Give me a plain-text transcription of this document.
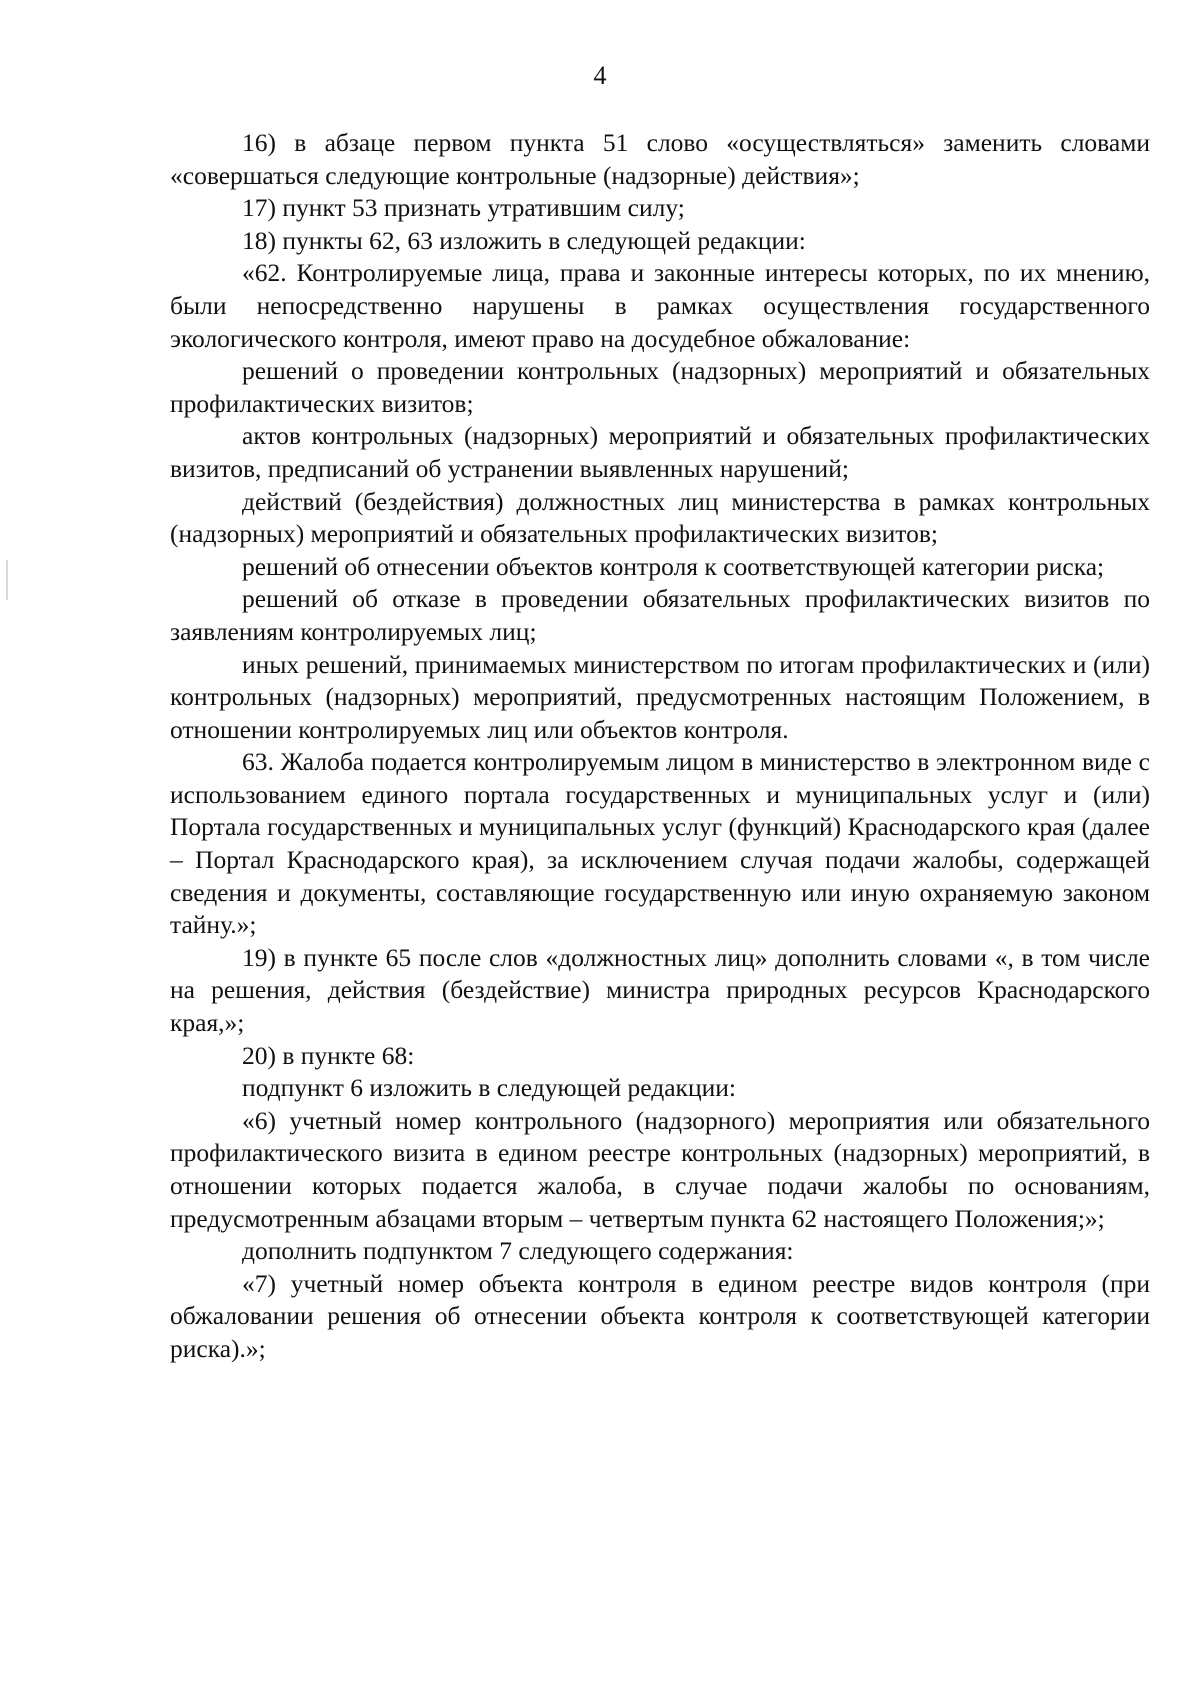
4

16) в абзаце первом пункта 51 слово «осуществляться» заменить словами «совершаться следующие контрольные (надзорные) действия»;

17) пункт 53 признать утратившим силу;

18) пункты 62, 63 изложить в следующей редакции:

«62. Контролируемые лица, права и законные интересы которых, по их мнению, были непосредственно нарушены в рамках осуществления государственного экологического контроля, имеют право на досудебное обжалование:

решений о проведении контрольных (надзорных) мероприятий и обязательных профилактических визитов;

актов контрольных (надзорных) мероприятий и обязательных профилактических визитов, предписаний об устранении выявленных нарушений;

действий (бездействия) должностных лиц министерства в рамках контрольных (надзорных) мероприятий и обязательных профилактических визитов;

решений об отнесении объектов контроля к соответствующей категории риска;

решений об отказе в проведении обязательных профилактических визитов по заявлениям контролируемых лиц;

иных решений, принимаемых министерством по итогам профилактических и (или) контрольных (надзорных) мероприятий, предусмотренных настоящим Положением, в отношении контролируемых лиц или объектов контроля.

63. Жалоба подается контролируемым лицом в министерство в электронном виде с использованием единого портала государственных и муниципальных услуг и (или) Портала государственных и муниципальных услуг (функций) Краснодарского края (далее – Портал Краснодарского края), за исключением случая подачи жалобы, содержащей сведения и документы, составляющие государственную или иную охраняемую законом тайну.»;

19) в пункте 65 после слов «должностных лиц» дополнить словами «, в том числе на решения, действия (бездействие) министра природных ресурсов Краснодарского края,»;

20) в пункте 68:

подпункт 6 изложить в следующей редакции:

«6) учетный номер контрольного (надзорного) мероприятия или обязательного профилактического визита в едином реестре контрольных (надзорных) мероприятий, в отношении которых подается жалоба, в случае подачи жалобы по основаниям, предусмотренным абзацами вторым – четвертым пункта 62 настоящего Положения;»;

дополнить подпунктом 7 следующего содержания:

«7) учетный номер объекта контроля в едином реестре видов контроля (при обжаловании решения об отнесении объекта контроля к соответствующей категории риска).»;
